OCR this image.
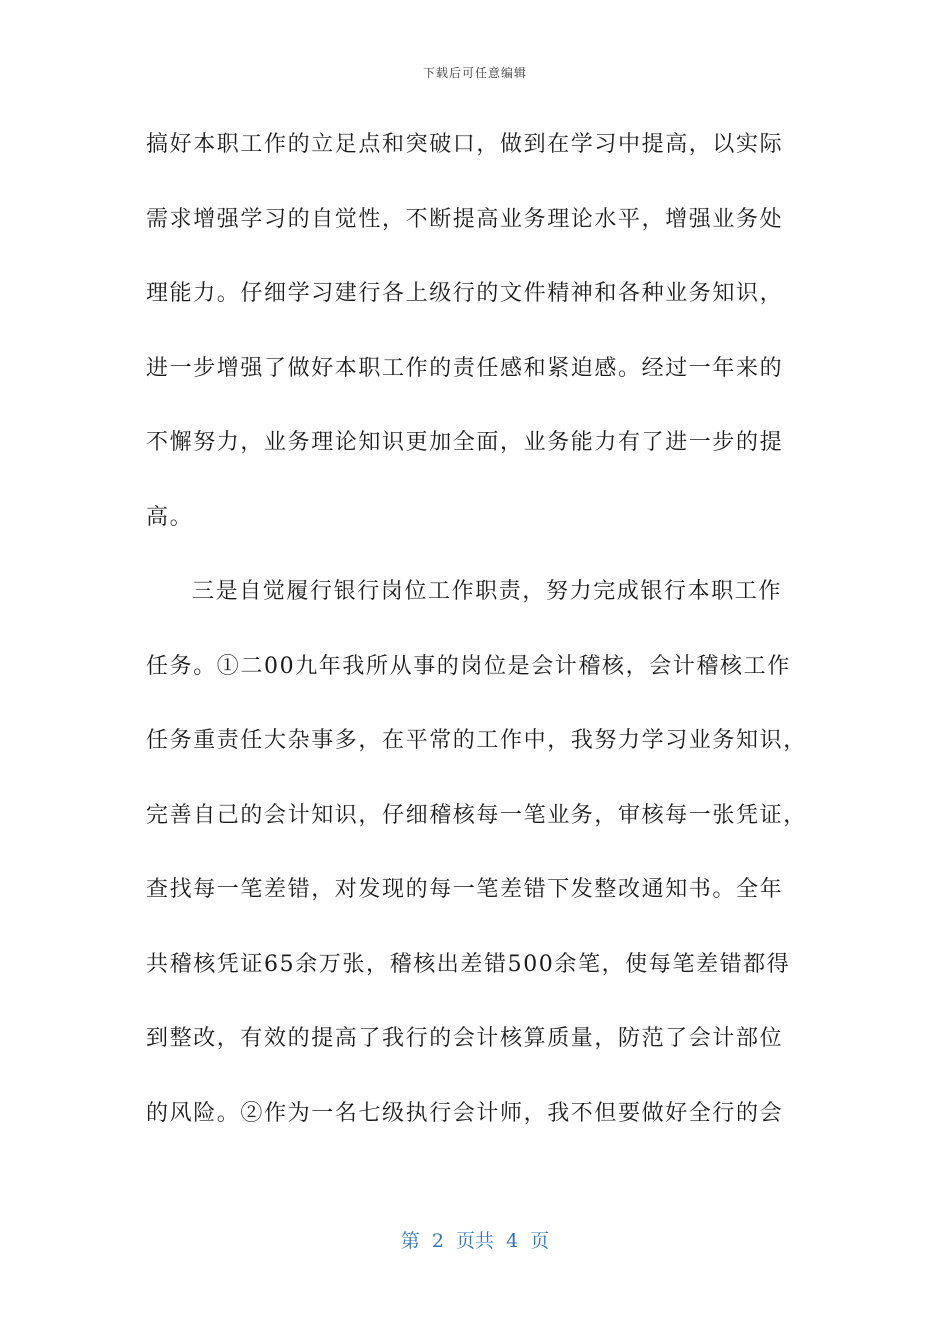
下载后可任意编辑
搞好本职工作的立足点和突破口，做到在学习中提高，以实际
需求增强学习的自觉性，不断提高业务理论水平，增强业务处
理能力。仔细学习建行各上级行的文件精神和各种业务知识，
进一步增强了做好本职工作的责任感和紧迫感。经过一年来的
不懈努力，业务理论知识更加全面，业务能力有了进一步的提
高。
三是自觉履行银行岗位工作职责，努力完成银行本职工作
任务。①二00九年我所从事的岗位是会计稽核，会计稽核工作
任务重责任大杂事多，在平常的工作中，我努力学习业务知识，
完善自己的会计知识，仔细稽核每一笔业务，审核每一张凭证，
查找每一笔差错，对发现的每一笔差错下发整改通知书。全年
共稽核凭证65余万张，稽核出差错500余笔，使每笔差错都得
到整改，有效的提高了我行的会计核算质量，防范了会计部位
的风险。②作为一名七级执行会计师，我不但要做好全行的会
第  2  页共  4  页
